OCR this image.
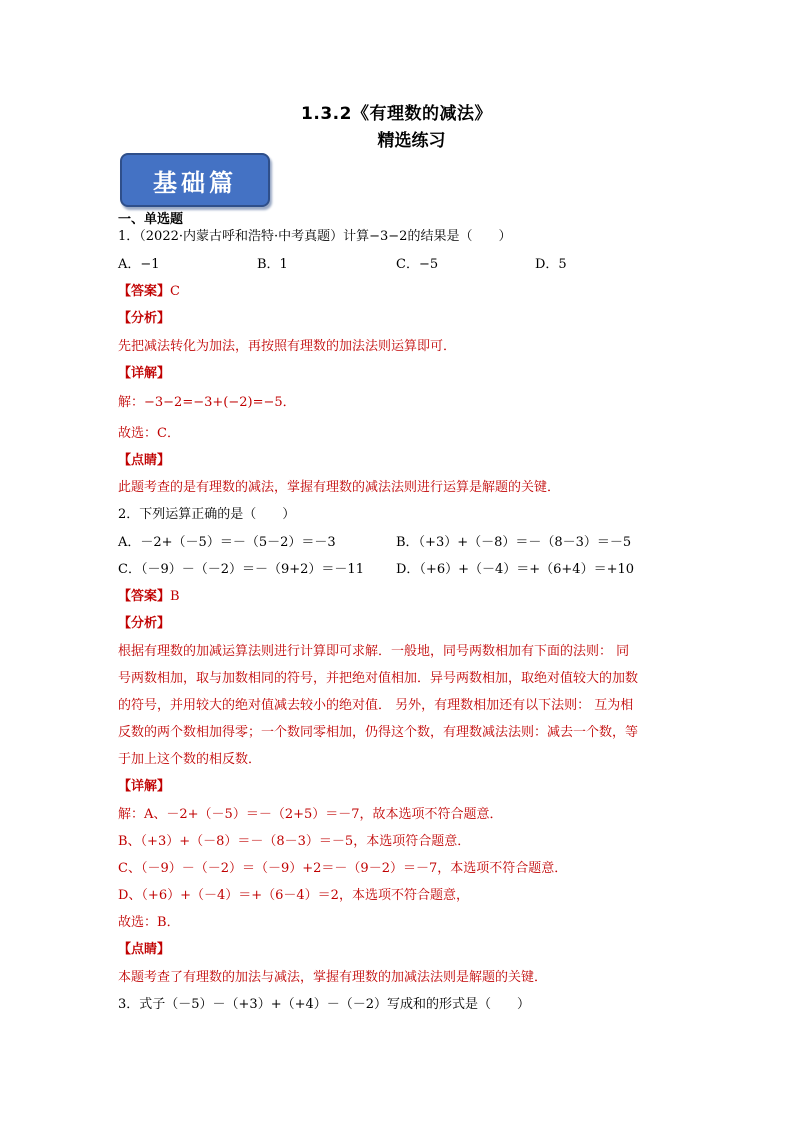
1.3.2《有理数的减法》
精选练习
基础篇
一、单选题
1．（2022·内蒙古呼和浩特·中考真题）计算−3−2的结果是（　　）
A．−1	B．1	C．−5	D．5
【答案】C
【分析】
先把减法转化为加法，再按照有理数的加法法则运算即可．
【详解】
解：−3−2=−3+(−2)=−5．
故选：C．
【点睛】
此题考查的是有理数的减法，掌握有理数的减法法则进行运算是解题的关键．
2．下列运算正确的是（　　）
A．－2+（－5）＝－（5－2）＝－3	B．（+3）+（－8）＝－（8－3）＝－5
C．（－9）－（－2）＝－（9+2）＝－11 D．（+6）+（－4）＝+（6+4）＝+10
【答案】B
【分析】
根据有理数的加减运算法则进行计算即可求解．一般地，同号两数相加有下面的法则： 同
号两数相加，取与加数相同的符号，并把绝对值相加．异号两数相加，取绝对值较大的加数
的符号，并用较大的绝对值减去较小的绝对值． 另外，有理数相加还有以下法则： 互为相
反数的两个数相加得零；一个数同零相加，仍得这个数，有理数减法法则：减去一个数，等
于加上这个数的相反数．
【详解】
解：A、－2+（－5）＝－（2+5）＝－7，故本选项不符合题意．
B、（+3）+（－8）＝－（8－3）＝－5，本选项符合题意．
C、（－9）－（－2）＝（－9）+2＝－（9－2）＝－7，本选项不符合题意．
D、（+6）+（－4）＝+（6－4）＝2，本选项不符合题意，
故选：B．
【点睛】
本题考查了有理数的加法与减法，掌握有理数的加减法法则是解题的关键．
3．式子（－5）－（+3）+（+4）－（－2）写成和的形式是（　　）
